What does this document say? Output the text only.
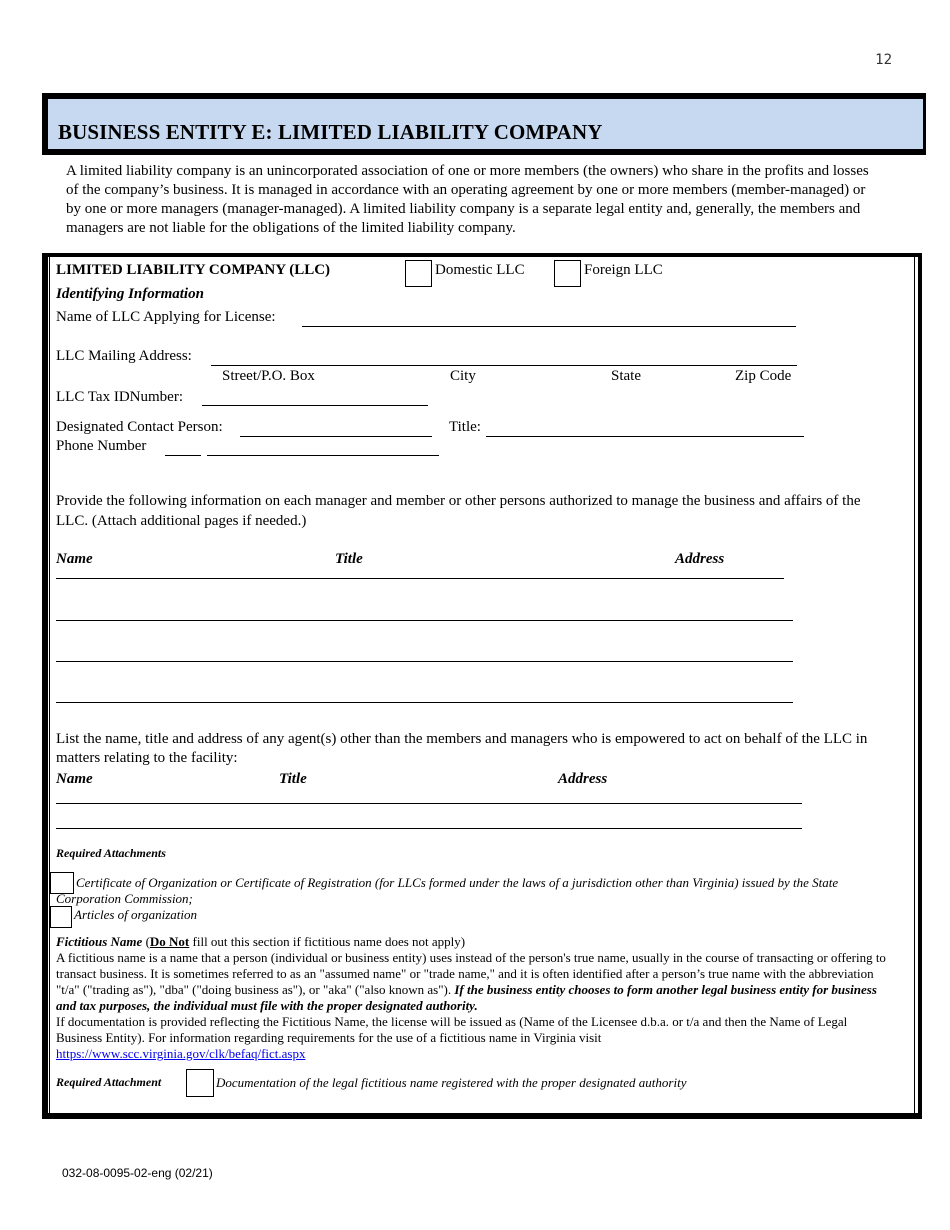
12
BUSINESS ENTITY E: LIMITED LIABILITY COMPANY
A limited liability company is an unincorporated association of one or more members (the owners) who share in the profits and losses of the company’s business. It is managed in accordance with an operating agreement by one or more members (member-managed) or by one or more managers (manager-managed). A limited liability company is a separate legal entity and, generally, the members and managers are not liable for the obligations of the limited liability company.
LIMITED LIABILITY COMPANY (LLC)	Domestic LLC	Foreign LLC
Identifying Information
Name of LLC Applying for License:
LLC Mailing Address:
Street/P.O. Box	City	State	Zip Code
LLC Tax IDNumber:
Designated Contact Person:	Title:
Phone Number
Provide the following information on each manager and member or other persons authorized to manage the business and affairs of the LLC. (Attach additional pages if needed.)
Name	Title	Address
List the name, title and address of any agent(s) other than the members and managers who is empowered to act on behalf of the LLC in matters relating to the facility:
Name	Title	Address
Required Attachments
Certificate of Organization or Certificate of Registration (for LLCs formed under the laws of a jurisdiction other than Virginia) issued by the State Corporation Commission;
Articles of organization
Fictitious Name (Do Not fill out this section if fictitious name does not apply)
A fictitious name is a name that a person (individual or business entity) uses instead of the person's true name, usually in the course of transacting or offering to transact business. It is sometimes referred to as an "assumed name" or "trade name," and it is often identified after a person’s true name with the abbreviation "t/a" ("trading as"), "dba" ("doing business as"), or "aka" ("also known as"). If the business entity chooses to form another legal business entity for business and tax purposes, the individual must file with the proper designated authority.
If documentation is provided reflecting the Fictitious Name, the license will be issued as (Name of the Licensee d.b.a. or t/a and then the Name of Legal Business Entity). For information regarding requirements for the use of a fictitious name in Virginia visit
https://www.scc.virginia.gov/clk/befaq/fict.aspx
Required Attachment	Documentation of the legal fictitious name registered with the proper designated authority
032-08-0095-02-eng (02/21)
